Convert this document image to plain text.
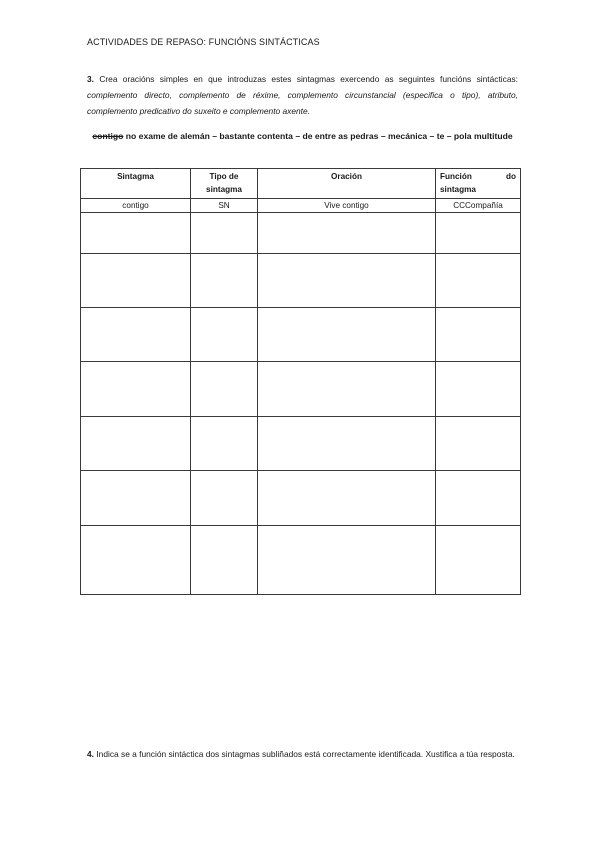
ACTIVIDADES DE REPASO: FUNCIÓNS SINTÁCTICAS
3. Crea oracións simples en que introduzas estes sintagmas exercendo as seguintes funcións sintácticas: complemento directo, complemento de réxime, complemento circunstancial (especifica o tipo), atributo, complemento predicativo do suxeito e complemento axente.
contigo no exame de alemán – bastante contenta – de entre as pedras – mecánica – te – pola multitude
Sintagma	Tipo de sintagma	Oración	Función do
sintagma

contigo	SN	Vive contigo	CCCompañía

4. Indica se a función sintáctica dos sintagmas subliñados está correctamente identificada. Xustifica a túa resposta.
